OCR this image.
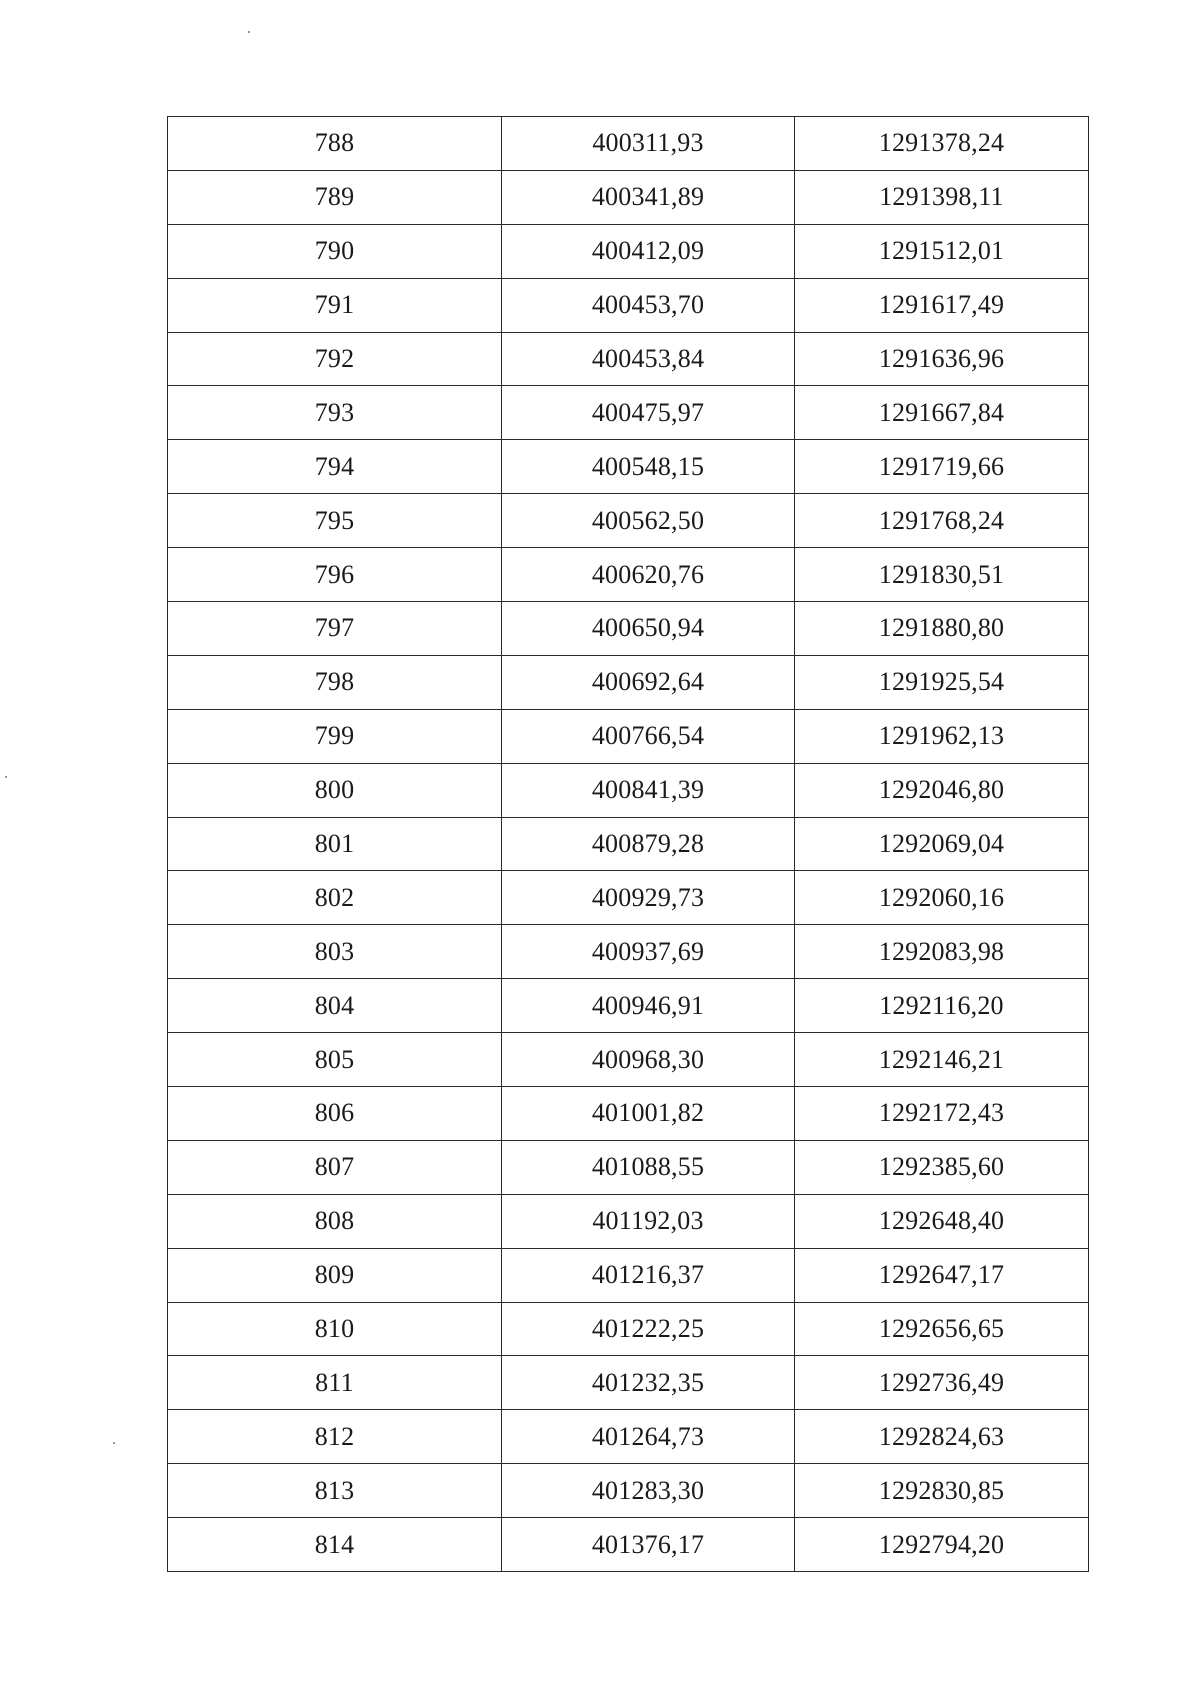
788	400311,93	1291378,24
789	400341,89	1291398,11
790	400412,09	1291512,01
791	400453,70	1291617,49
792	400453,84	1291636,96
793	400475,97	1291667,84
794	400548,15	1291719,66
795	400562,50	1291768,24
796	400620,76	1291830,51
797	400650,94	1291880,80
798	400692,64	1291925,54
799	400766,54	1291962,13
800	400841,39	1292046,80
801	400879,28	1292069,04
802	400929,73	1292060,16
803	400937,69	1292083,98
804	400946,91	1292116,20
805	400968,30	1292146,21
806	401001,82	1292172,43
807	401088,55	1292385,60
808	401192,03	1292648,40
809	401216,37	1292647,17
810	401222,25	1292656,65
811	401232,35	1292736,49
812	401264,73	1292824,63
813	401283,30	1292830,85
814	401376,17	1292794,20
